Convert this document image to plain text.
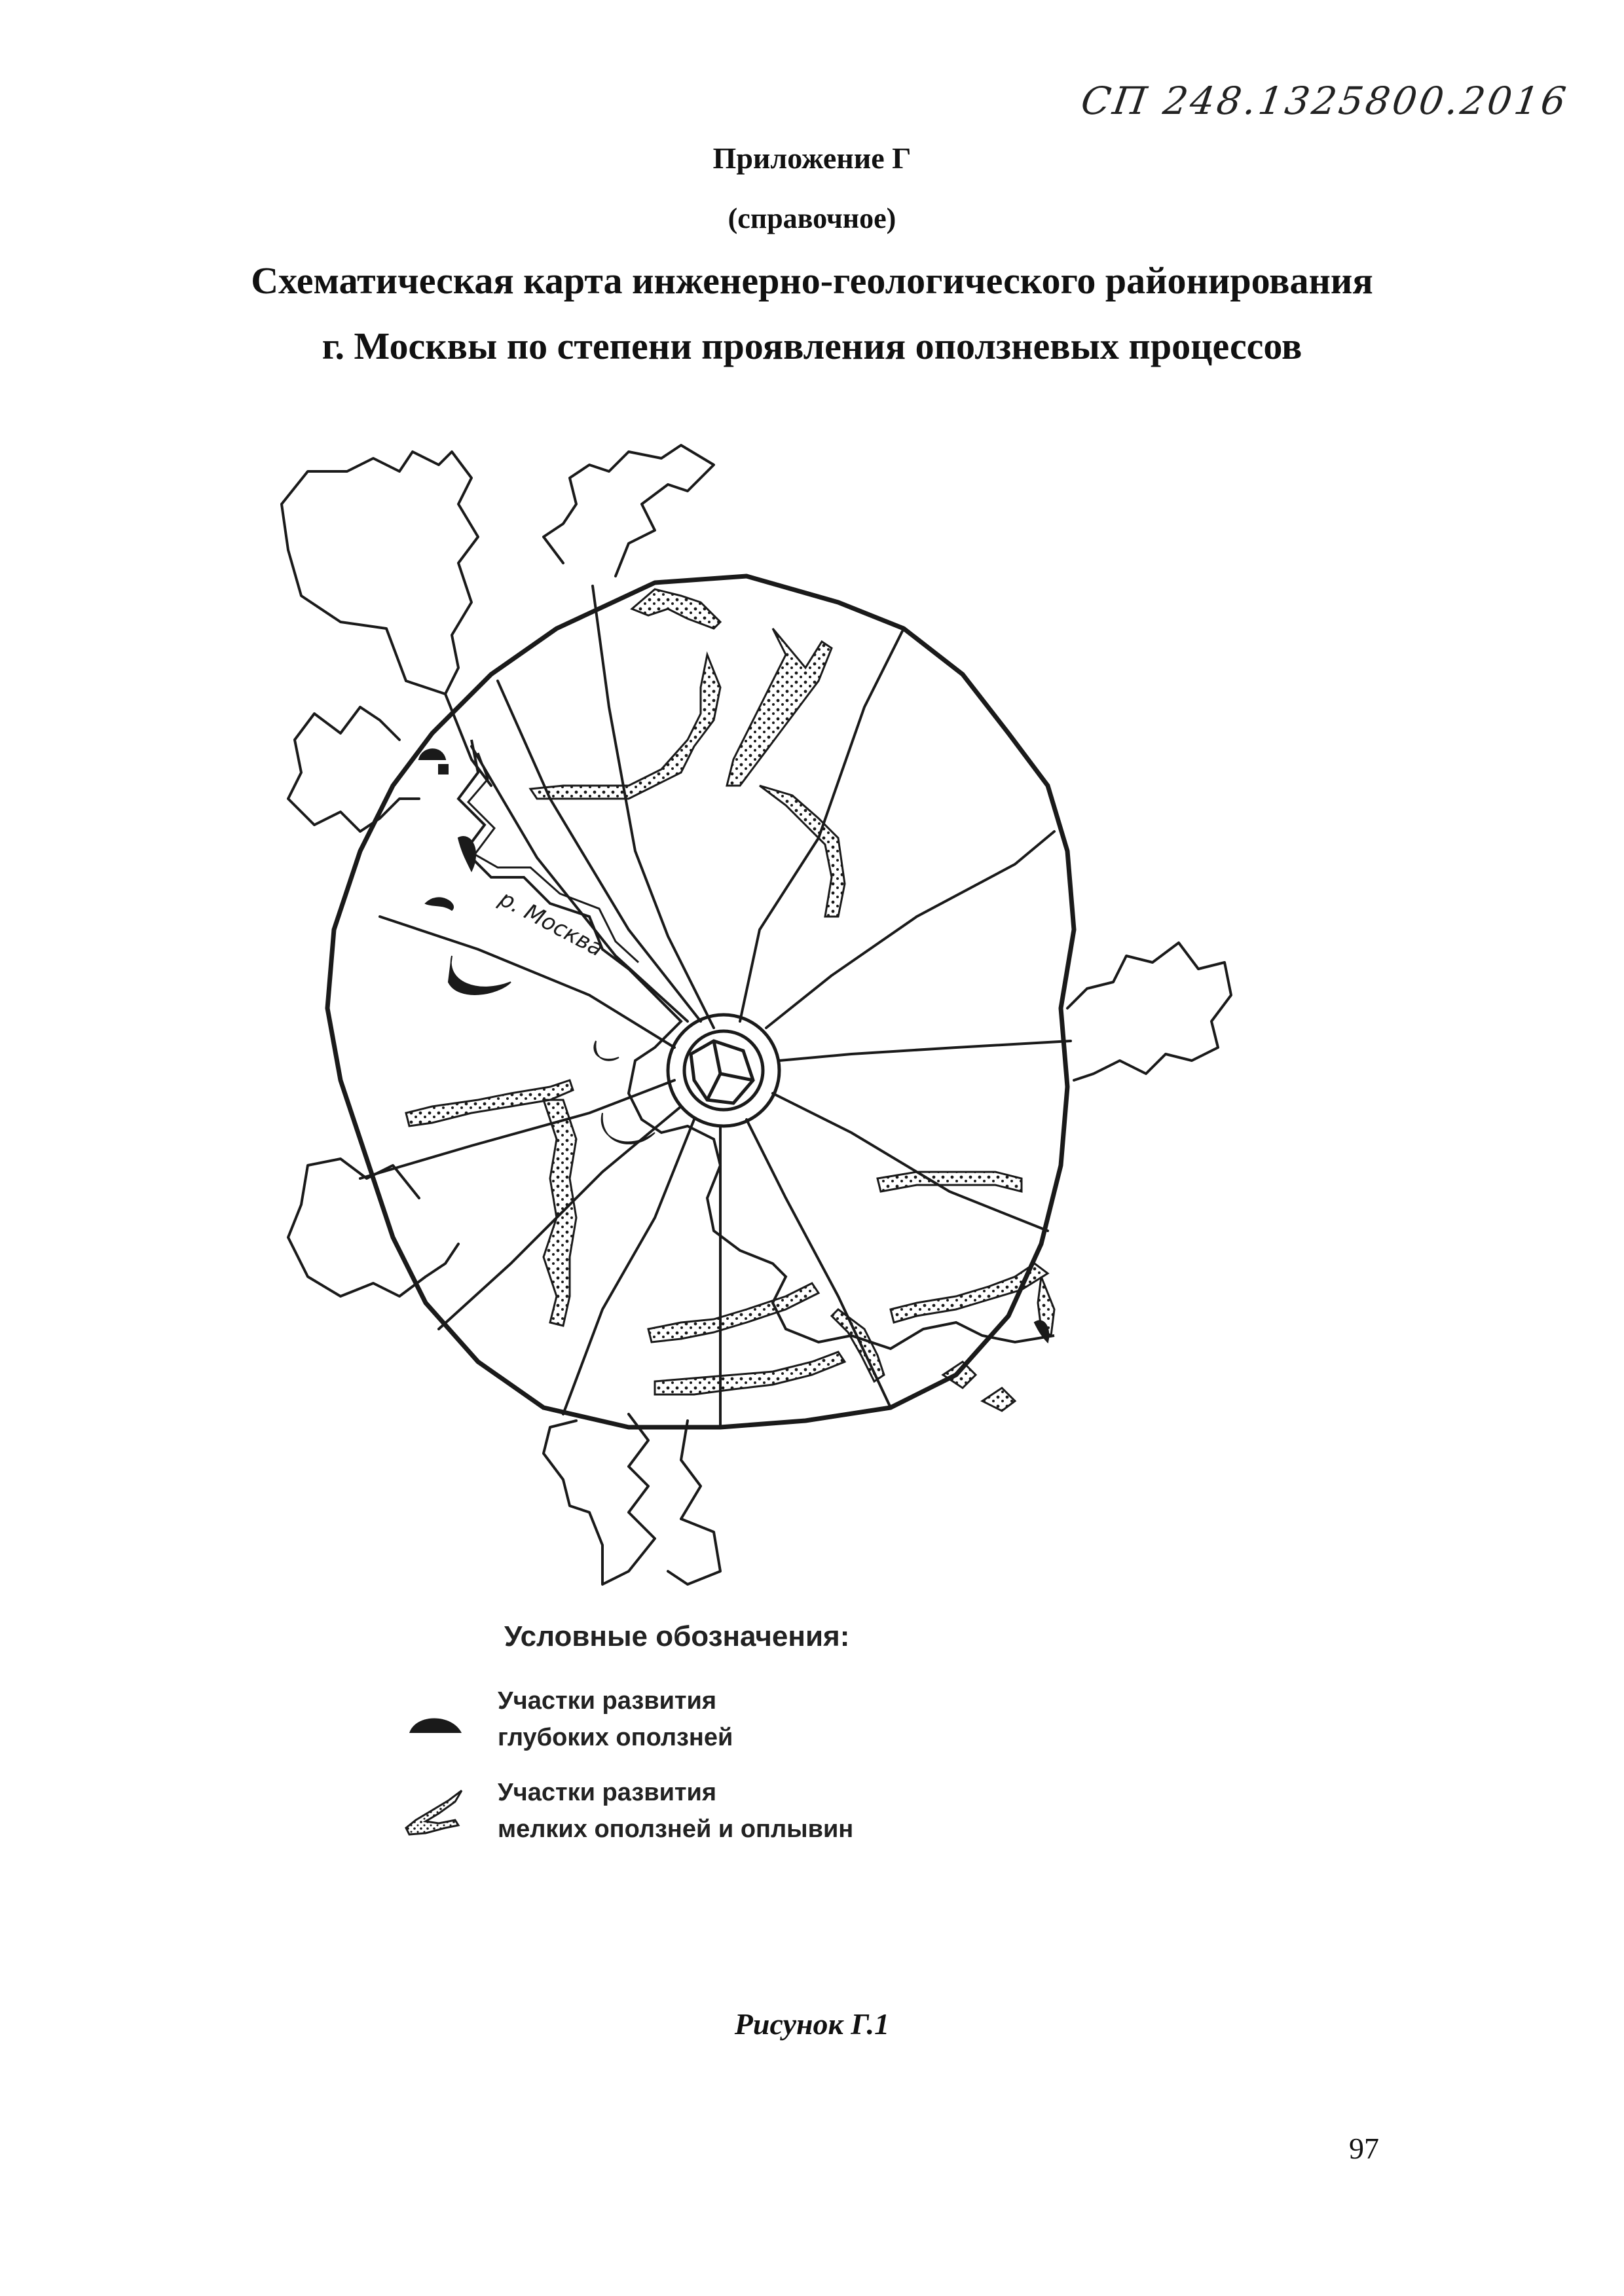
СП 248.1325800.2016
Приложение Г
(справочное)
Схематическая карта инженерно-геологического районирования
г. Москвы по степени проявления оползневых процессов
р. Москва
Условные обозначения:
Участки развития
глубоких оползней
Участки развития
мелких оползней и оплывин
Рисунок Г.1
97
